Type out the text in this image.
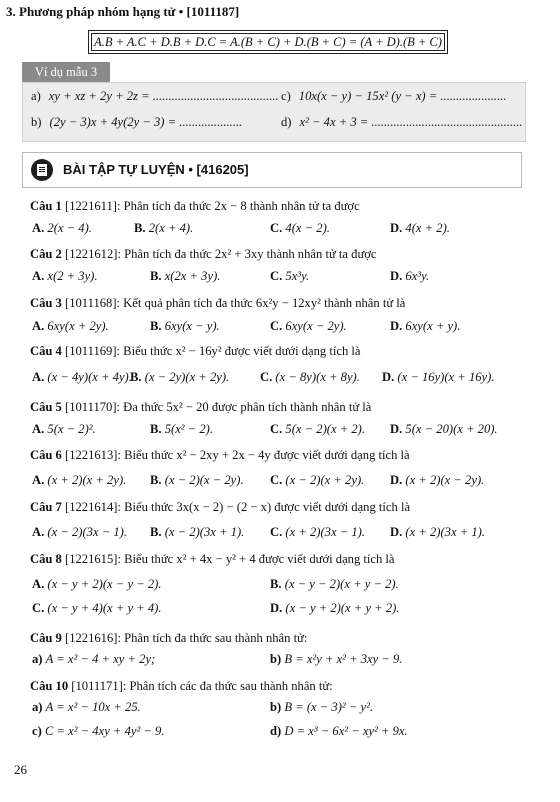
3. Phương pháp nhóm hạng tử • [1011187]
A.B + A.C + D.B + D.C = A.(B + C) + D.(B + C) = (A + D).(B + C)
Ví dụ mẫu 3
a) xy + xz + 2y + 2z = ........................................ c) 10x(x − y) − 15x² (y − x) = .....................
b) (2y − 3)x + 4y(2y − 3) = ....................	d) x² − 4x + 3 = ................................................
BÀI TẬP TỰ LUYỆN • [416205]
Câu 1 [1221611]: Phân tích đa thức 2x − 8 thành nhân tử ta được
A. 2(x − 4).	B. 2(x + 4).	C. 4(x − 2).	D. 4(x + 2).
Câu 2 [1221612]: Phân tích đa thức 2x² + 3xy thành nhân tử ta được
A. x(2 + 3y).	B. x(2x + 3y).	C. 5x³y.	D. 6x³y.
Câu 3 [1011168]: Kết quả phân tích đa thức 6x²y − 12xy² thành nhân tử là
A. 6xy(x + 2y).	B. 6xy(x − y).	C. 6xy(x − 2y).	D. 6xy(x + y).
Câu 4 [1011169]: Biểu thức x² − 16y² được viết dưới dạng tích là
A. (x − 4y)(x + 4y).
B. (x − 2y)(x + 2y). C. (x − 8y)(x + 8y). D. (x − 16y)(x + 16y).
Câu 5 [1011170]: Đa thức 5x² − 20 được phân tích thành nhân tử là
A. 5(x − 2)².	B. 5(x² − 2).	C. 5(x − 2)(x + 2). D. 5(x − 20)(x + 20).
Câu 6 [1221613]: Biểu thức x² − 2xy + 2x − 4y được viết dưới dạng tích là
A. (x + 2)(x + 2y). B. (x − 2)(x − 2y). C. (x − 2)(x + 2y). D. (x + 2)(x − 2y).
Câu 7 [1221614]: Biểu thức 3x(x − 2) − (2 − x) được viết dưới dạng tích là
A. (x − 2)(3x − 1). B. (x − 2)(3x + 1). C. (x + 2)(3x − 1). D. (x + 2)(3x + 1).
Câu 8 [1221615]: Biểu thức x² + 4x − y² + 4 được viết dưới dạng tích là
A. (x − y + 2)(x − y − 2).	B. (x − y − 2)(x + y − 2).
C. (x − y + 4)(x + y + 4).	D. (x − y + 2)(x + y + 2).
Câu 9 [1221616]: Phân tích đa thức sau thành nhân tử:
a) A = x² − 4 + xy + 2y;	b) B = x²y + x² + 3xy − 9.
Câu 10 [1011171]: Phân tích các đa thức sau thành nhân tử:
a) A = x² − 10x + 25.	b) B = (x − 3)² − y².
c) C = x² − 4xy + 4y² − 9.	d) D = x³ − 6x² − xy² + 9x.
26
